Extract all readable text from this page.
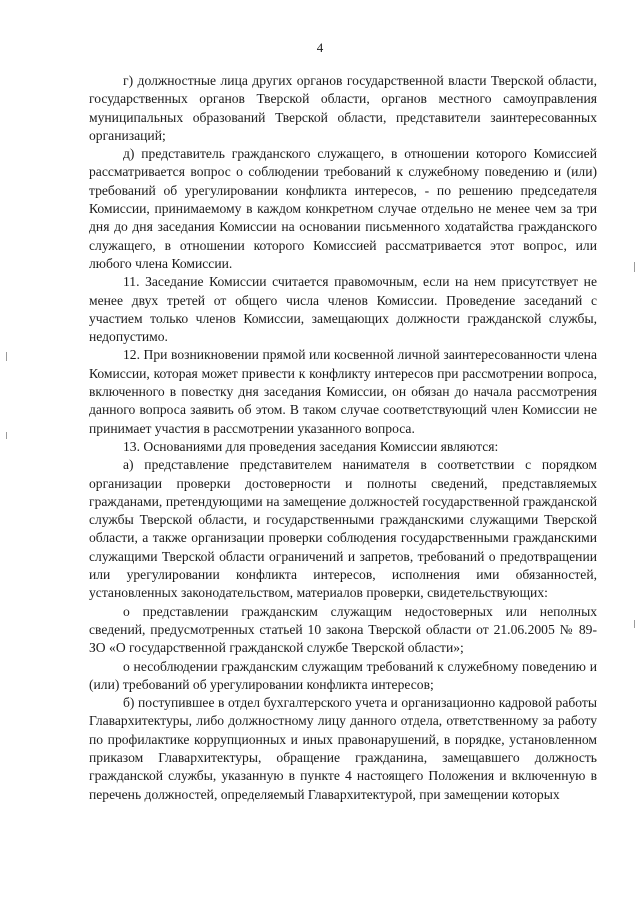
4

г) должностные лица других органов государственной власти Тверской области, государственных органов Тверской области, органов местного самоуправления муниципальных образований Тверской области, представители заинтересованных организаций;

д) представитель гражданского служащего, в отношении которого Комиссией рассматривается вопрос о соблюдении требований к служебному поведению и (или) требований об урегулировании конфликта интересов, - по решению председателя Комиссии, принимаемому в каждом конкретном случае отдельно не менее чем за три дня до дня заседания Комиссии на основании письменного ходатайства гражданского служащего, в отношении которого Комиссией рассматривается этот вопрос, или любого члена Комиссии.

11. Заседание Комиссии считается правомочным, если на нем присутствует не менее двух третей от общего числа членов Комиссии. Проведение заседаний с участием только членов Комиссии, замещающих должности гражданской службы, недопустимо.

12. При возникновении прямой или косвенной личной заинтересованности члена Комиссии, которая может привести к конфликту интересов при рассмотрении вопроса, включенного в повестку дня заседания Комиссии, он обязан до начала рассмотрения данного вопроса заявить об этом. В таком случае соответствующий член Комиссии не принимает участия в рассмотрении указанного вопроса.

13. Основаниями для проведения заседания Комиссии являются:

а) представление представителем нанимателя в соответствии с порядком организации проверки достоверности и полноты сведений, представляемых гражданами, претендующими на замещение должностей государственной гражданской службы Тверской области, и государственными гражданскими служащими Тверской области, а также организации проверки соблюдения государственными гражданскими служащими Тверской области ограничений и запретов, требований о предотвращении или урегулировании конфликта интересов, исполнения ими обязанностей, установленных законодательством, материалов проверки, свидетельствующих:

о представлении гражданским служащим недостоверных или неполных сведений, предусмотренных статьей 10 закона Тверской области от 21.06.2005 № 89-ЗО «О государственной гражданской службе Тверской области»;

о несоблюдении гражданским служащим требований к служебному поведению и (или) требований об урегулировании конфликта интересов;

б) поступившее в отдел бухгалтерского учета и организационно кадровой работы Главархитектуры, либо должностному лицу данного отдела, ответственному за работу по профилактике коррупционных и иных правонарушений, в порядке, установленном приказом Главархитектуры, обращение гражданина, замещавшего должность гражданской службы, указанную в пункте 4 настоящего Положения и включенную в перечень должностей, определяемый Главархитектурой, при замещении которых
